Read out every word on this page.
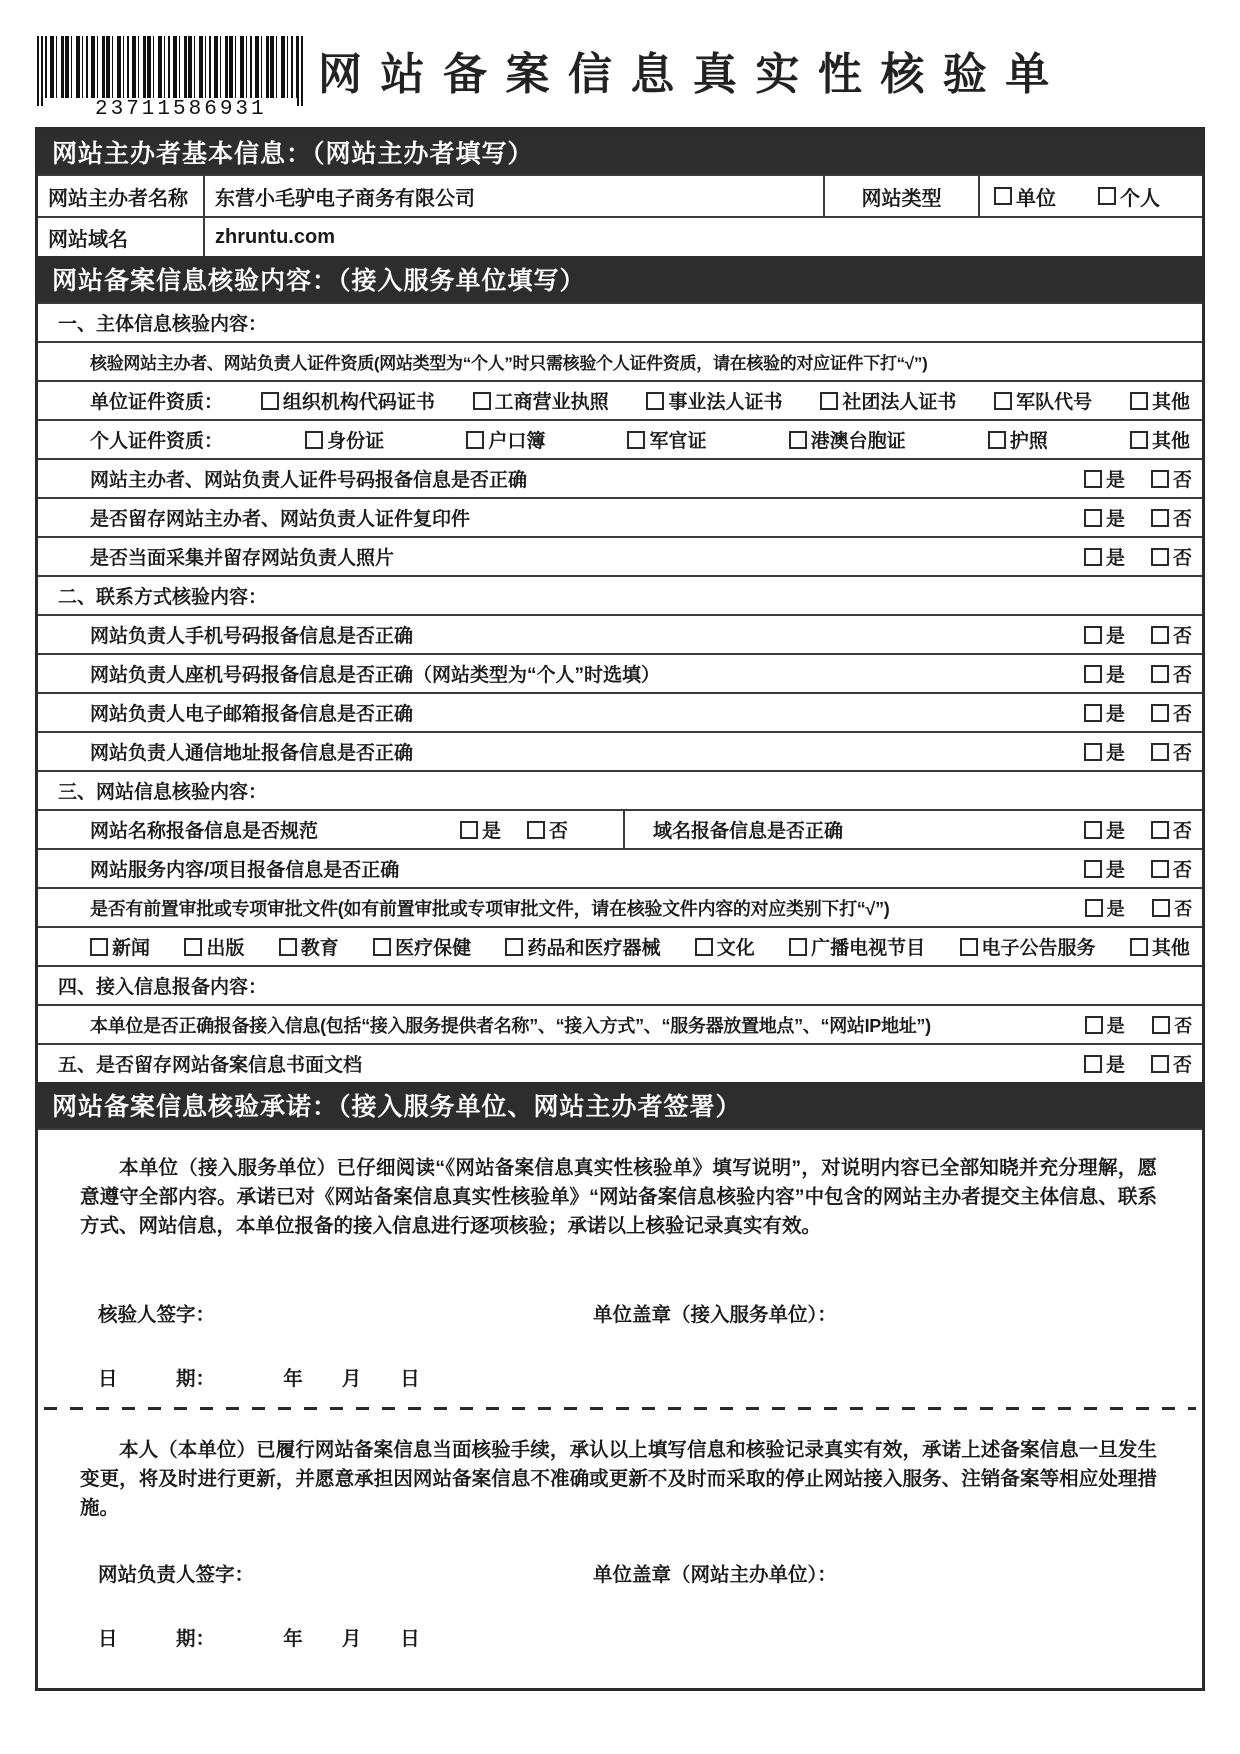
23711586931
网站备案信息真实性核验单
网站主办者基本信息：（网站主办者填写）
网站主办者名称	东营小毛驴电子商务有限公司	网站类型	单位	个人
网站域名	zhruntu.com
网站备案信息核验内容：（接入服务单位填写）
一、主体信息核验内容：
核验网站主办者、网站负责人证件资质(网站类型为“个人”时只需核验个人证件资质，请在核验的对应证件下打“√”)
单位证件资质：	组织机构代码证书	工商营业执照	事业法人证书	社团法人证书	军队代号	其他
个人证件资质：	身份证	户口簿	军官证	港澳台胞证	护照	其他
网站主办者、网站负责人证件号码报备信息是否正确	是	否
是否留存网站主办者、网站负责人证件复印件	是	否
是否当面采集并留存网站负责人照片	是	否
二、联系方式核验内容：
网站负责人手机号码报备信息是否正确	是	否
网站负责人座机号码报备信息是否正确（网站类型为“个人”时选填）	是	否
网站负责人电子邮箱报备信息是否正确	是	否
网站负责人通信地址报备信息是否正确	是	否
三、网站信息核验内容：
网站名称报备信息是否规范	是	否	域名报备信息是否正确	是	否
网站服务内容/项目报备信息是否正确	是	否
是否有前置审批或专项审批文件(如有前置审批或专项审批文件，请在核验文件内容的对应类别下打“√”)	是	否
新闻	出版	教育	医疗保健	药品和医疗器械	文化	广播电视节目	电子公告服务	其他
四、接入信息报备内容：
本单位是否正确报备接入信息(包括“接入服务提供者名称”、“接入方式”、“服务器放置地点”、“网站IP地址”)	是	否
五、是否留存网站备案信息书面文档	是	否
网站备案信息核验承诺：（接入服务单位、网站主办者签署）
本单位（接入服务单位）已仔细阅读“《网站备案信息真实性核验单》填写说明”，对说明内容已全部知晓并充分理解，愿意遵守全部内容。承诺已对《网站备案信息真实性核验单》“网站备案信息核验内容”中包含的网站主办者提交主体信息、联系方式、网站信息，本单位报备的接入信息进行逐项核验；承诺以上核验记录真实有效。
核验人签字：	单位盖章（接入服务单位）：
日　　　期：　　　　年　　月　　日
本人（本单位）已履行网站备案信息当面核验手续，承认以上填写信息和核验记录真实有效，承诺上述备案信息一旦发生变更，将及时进行更新，并愿意承担因网站备案信息不准确或更新不及时而采取的停止网站接入服务、注销备案等相应处理措施。
网站负责人签字：	单位盖章（网站主办单位）：
日　　　期：　　　　年　　月　　日
